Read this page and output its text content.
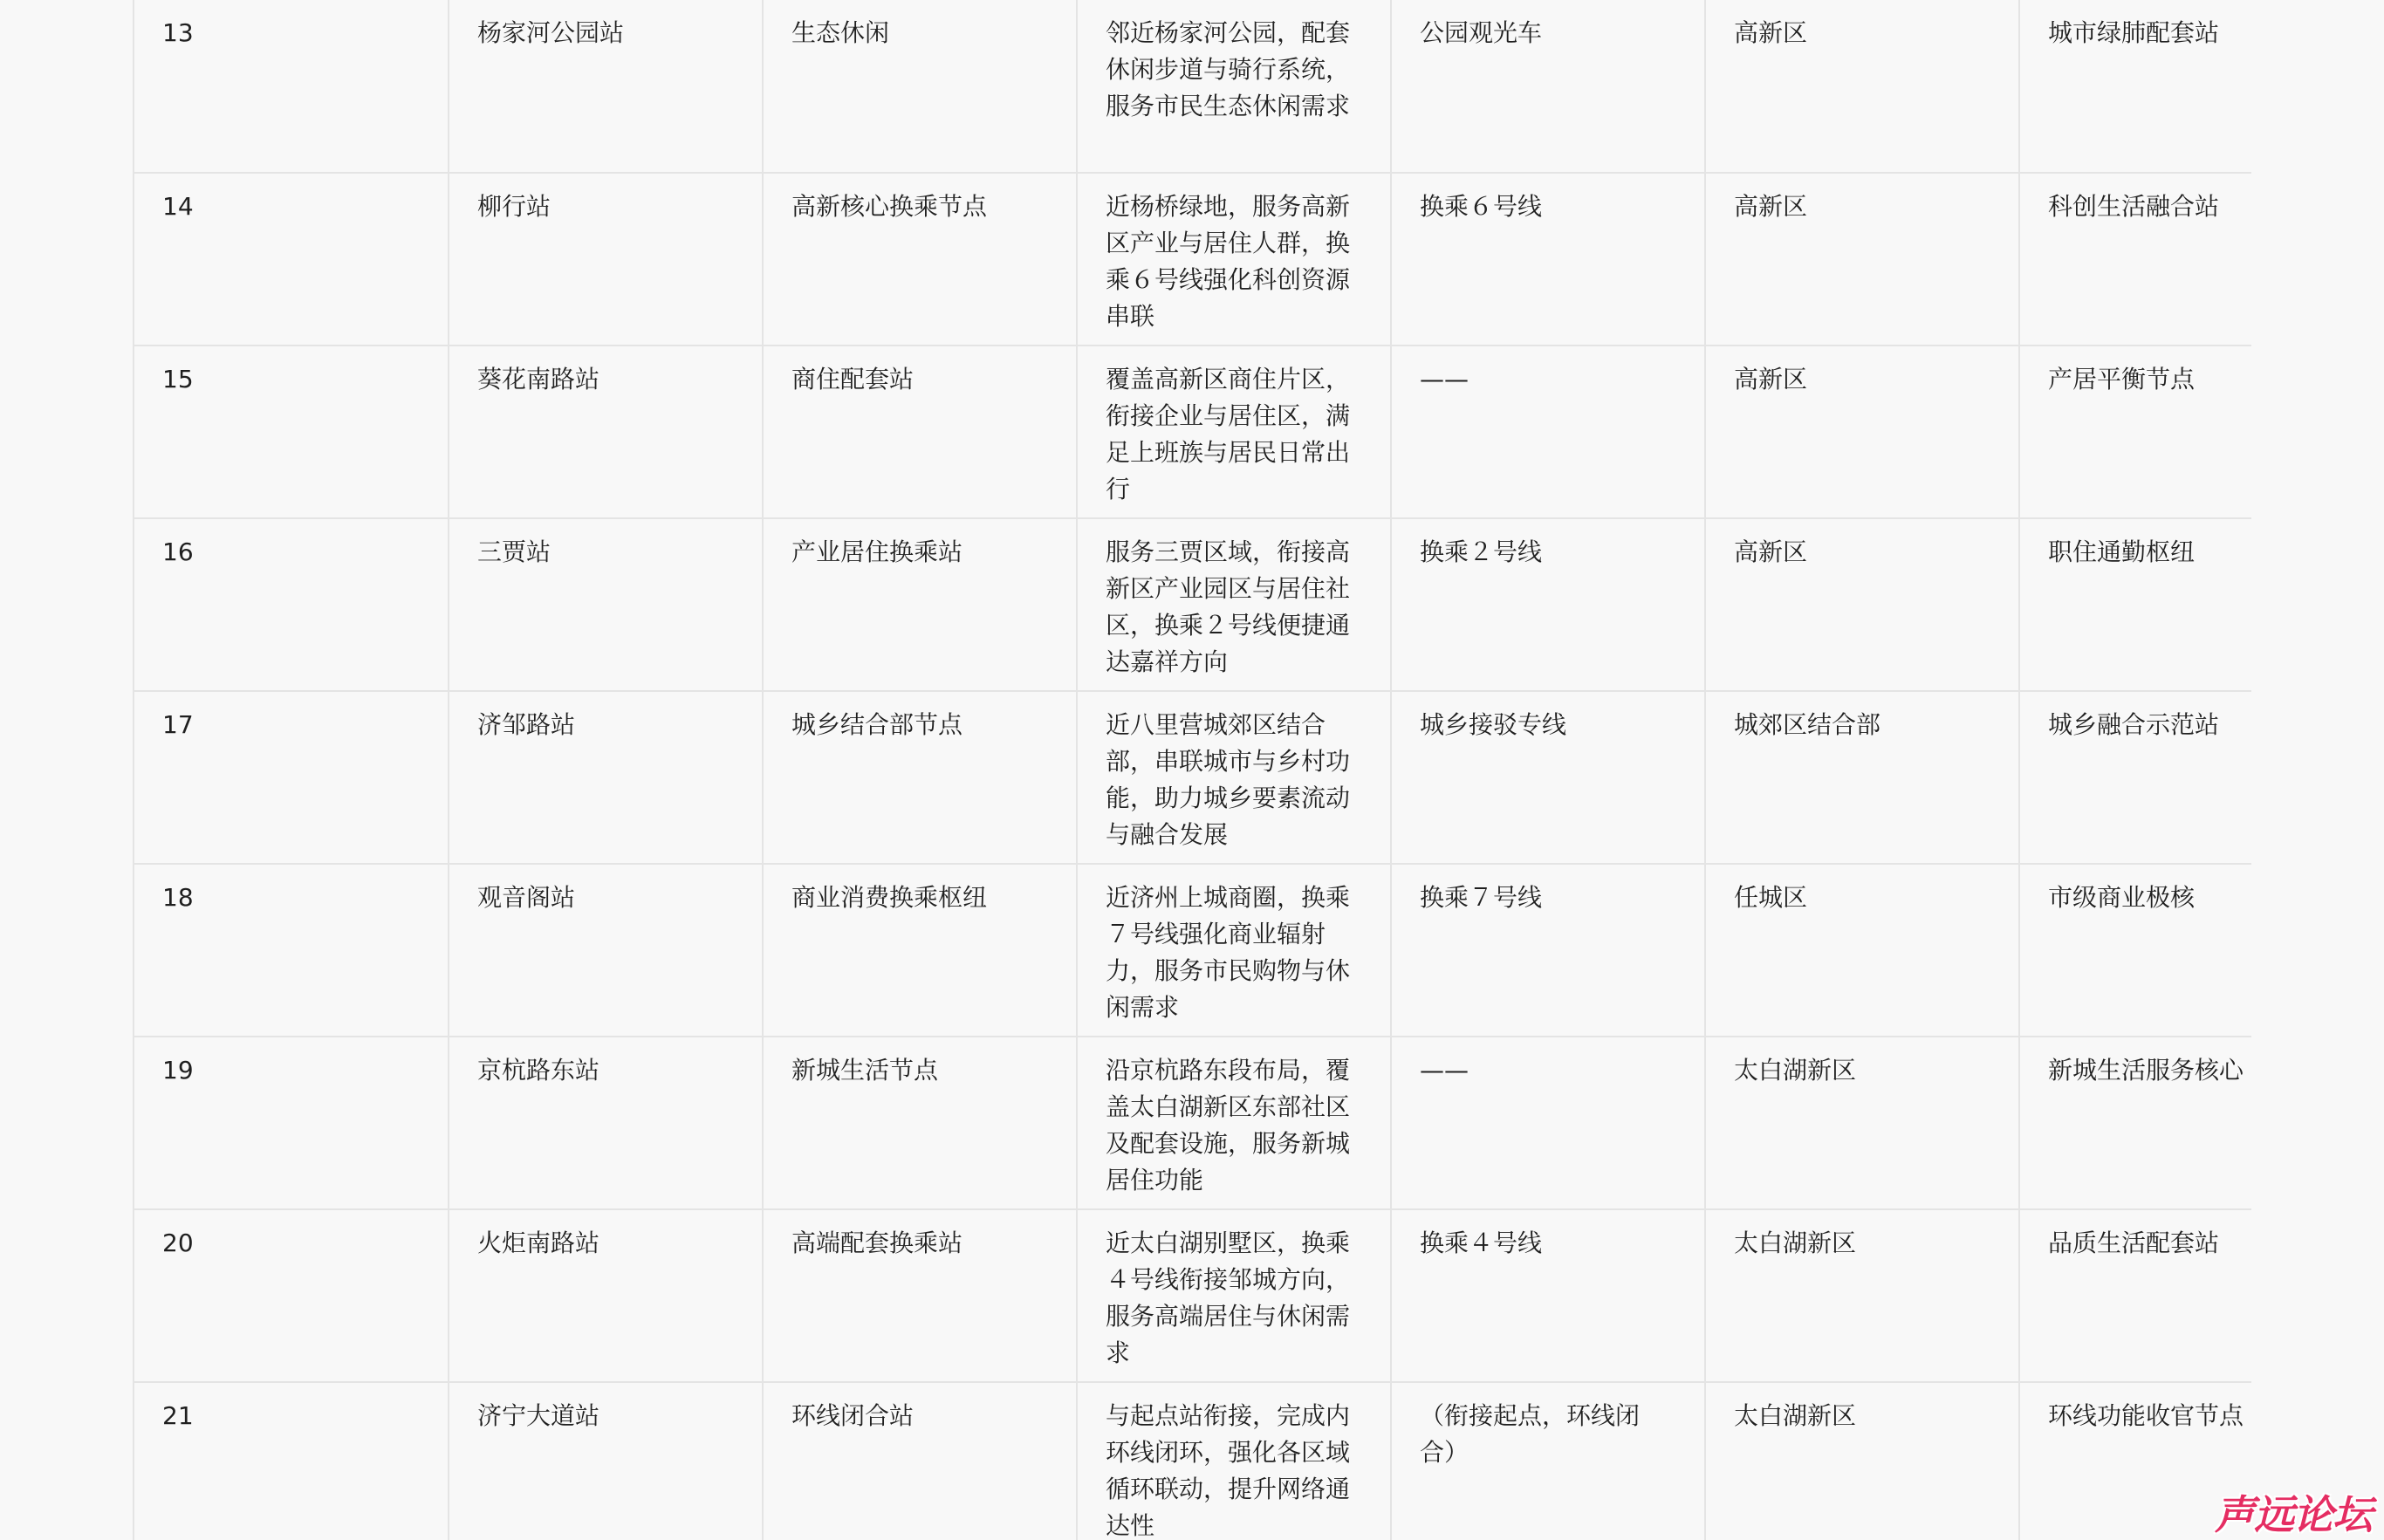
13	杨家河公园站	生态休闲	邻近杨家河公园，配套休闲步道与骑行系统，服务市民生态休闲需求	公园观光车	高新区	城市绿肺配套站
14	柳行站	高新核心换乘节点	近杨桥绿地，服务高新区产业与居住人群，换乘６号线强化科创资源串联	换乘６号线	高新区	科创生活融合站
15	葵花南路站	商住配套站	覆盖高新区商住片区，衔接企业与居住区，满足上班族与居民日常出行	——	高新区	产居平衡节点
16	三贾站	产业居住换乘站	服务三贾区域，衔接高新区产业园区与居住社区，换乘２号线便捷通达嘉祥方向	换乘２号线	高新区	职住通勤枢纽
17	济邹路站	城乡结合部节点	近八里营城郊区结合部，串联城市与乡村功能，助力城乡要素流动与融合发展	城乡接驳专线	城郊区结合部	城乡融合示范站
18	观音阁站	商业消费换乘枢纽	近济州上城商圈，换乘７号线强化商业辐射力，服务市民购物与休闲需求	换乘７号线	任城区	市级商业极核
19	京杭路东站	新城生活节点	沿京杭路东段布局，覆盖太白湖新区东部社区及配套设施，服务新城居住功能	——	太白湖新区	新城生活服务核心
20	火炬南路站	高端配套换乘站	近太白湖别墅区，换乘４号线衔接邹城方向，服务高端居住与休闲需求	换乘４号线	太白湖新区	品质生活配套站
21	济宁大道站	环线闭合站	与起点站衔接，完成内环线闭环，强化各区域循环联动，提升网络通达性	（衔接起点，环线闭合）	太白湖新区	环线功能收官节点
声远论坛
